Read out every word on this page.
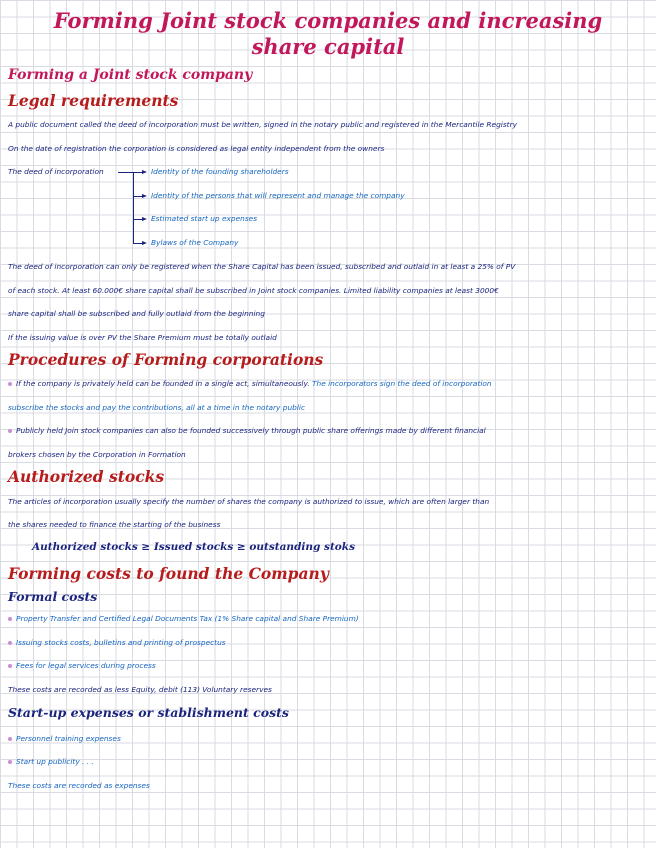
Forming Joint stock companies and increasing
share capital
Forming a Joint stock company
Legal requirements
A public document called the deed of incorporation must be written, signed in the notary public and registered in the Mercantile Registry
On the date of registration the corporation is considered as legal entity independent from the owners
The deed of incorporation	Identity of the founding shareholders
Identity of the persons that will represent and manage the company
Estimated start up expenses
Bylaws of the Company
The deed of incorporation can only be registered when the Share Capital has been issued, subscribed and outlaid in at least a 25% of PV
of each stock. At least 60.000€ share capital shall be subscribed in Joint stock companies. Limited liability companies at least 3000€
share capital shall be subscribed and fully outlaid from the beginning
If the issuing value is over PV the Share Premium must be totally outlaid
Procedures of Forming corporations
If the company is privately held can be founded in a single act, simultaneously. The incorporators sign the deed of incorporation
subscribe the stocks and pay the contributions, all at a time in the notary public
Publicly held Join stock companies can also be founded successively through public share offerings made by different financial
brokers chosen by the Corporation in Formation
Authorized stocks
The articles of incorporation usually specify the number of shares the company is authorized to issue, which are often larger than
the shares needed to finance the starting of the business
Authorized stocks ≥ Issued stocks ≥ outstanding stoks
Forming costs to found the Company
Formal costs
Property Transfer and Certified Legal Documents Tax (1% Share capital and Share Premium)
Issuing stocks costs, bulletins and printing of prospectus
Fees for legal services during process
These costs are recorded as less Equity, debit (113) Voluntary reserves
Start-up expenses or stablishment costs
Personnel training expenses
Start up publicity . . .
These costs are recorded as expenses
